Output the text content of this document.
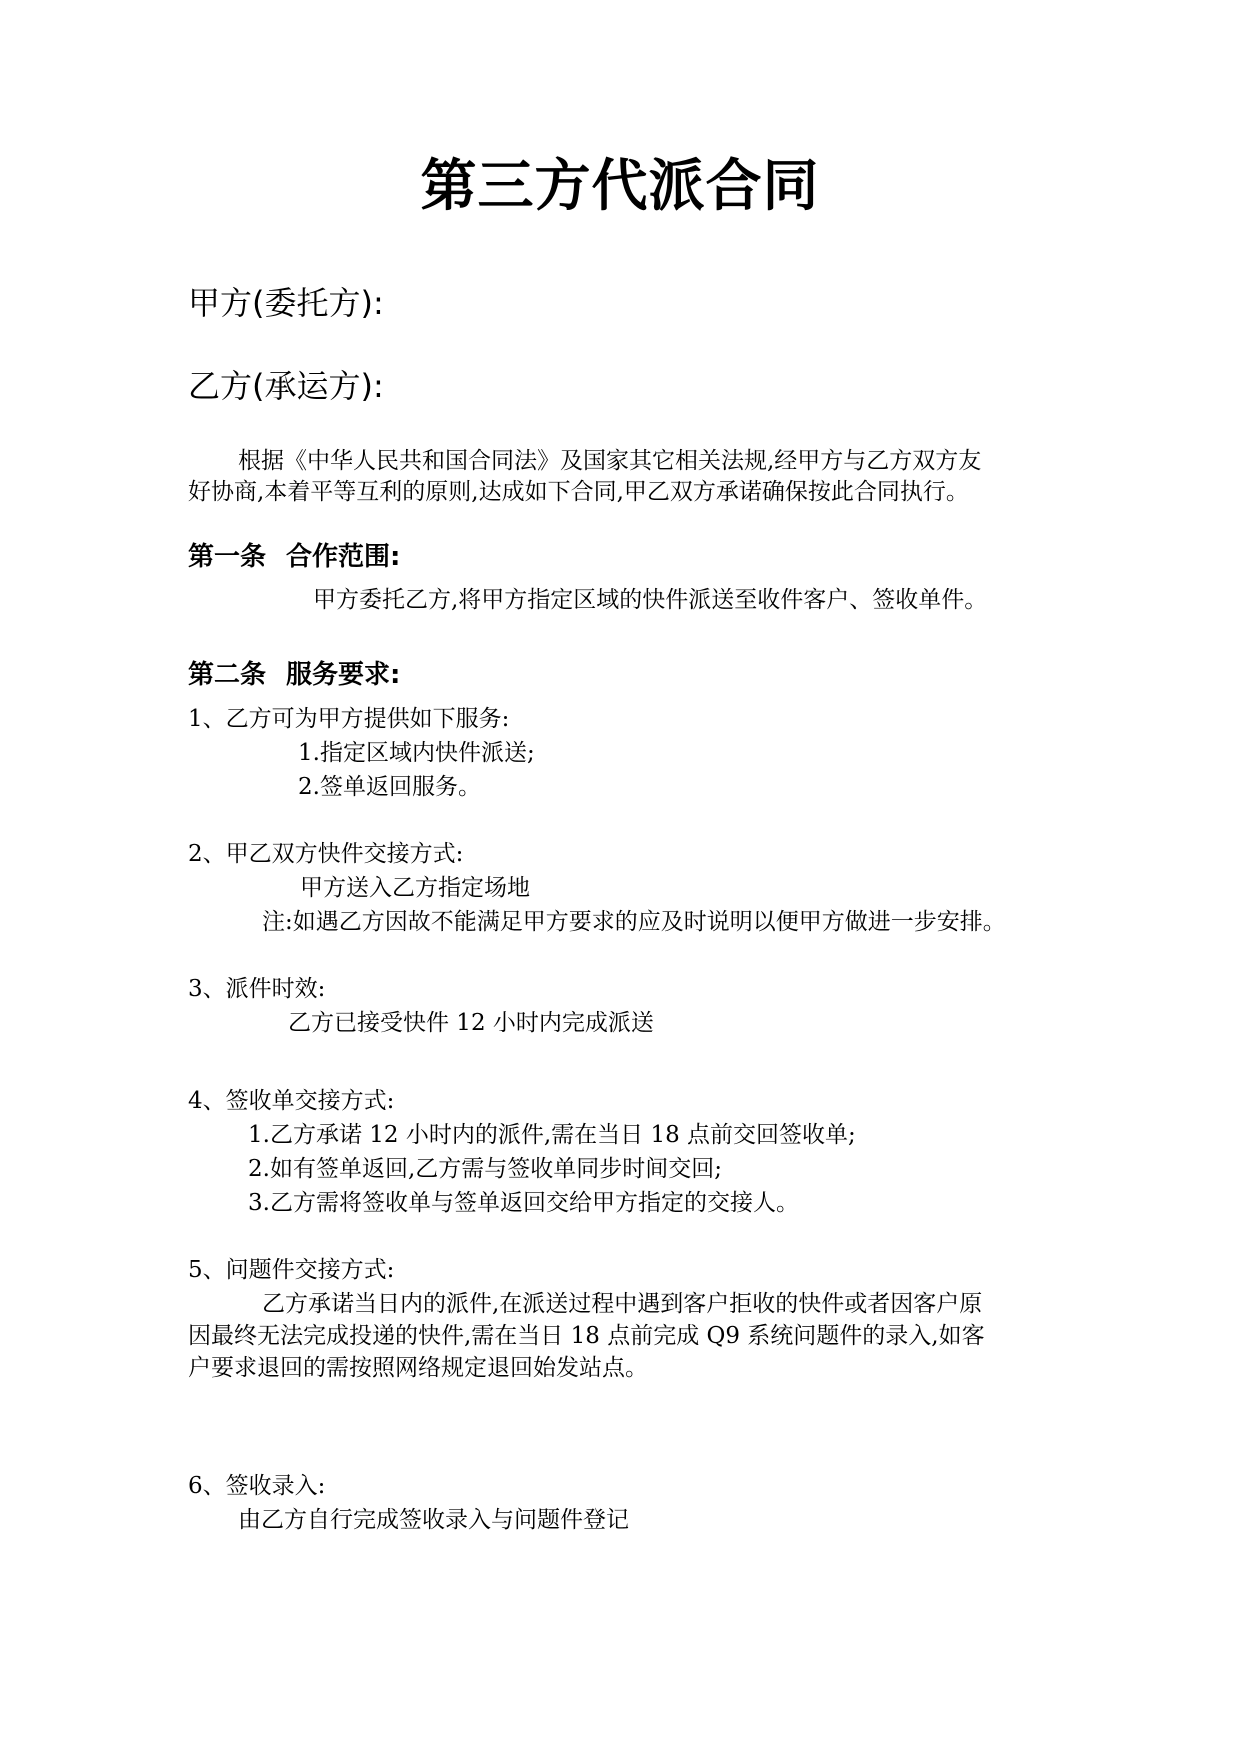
第三方代派合同
甲方(委托方):
乙方(承运方):
根据《中华人民共和国合同法》及国家其它相关法规,经甲方与乙方双方友
好协商,本着平等互利的原则,达成如下合同,甲乙双方承诺确保按此合同执行。
第一条 合作范围:
甲方委托乙方,将甲方指定区域的快件派送至收件客户、签收单件。
第二条 服务要求:
1、乙方可为甲方提供如下服务:
1.指定区域内快件派送;
2.签单返回服务。
2、甲乙双方快件交接方式:
甲方送入乙方指定场地
注:如遇乙方因故不能满足甲方要求的应及时说明以便甲方做进一步安排。
3、派件时效:
乙方已接受快件 12 小时内完成派送
4、签收单交接方式:
1.乙方承诺 12 小时内的派件,需在当日 18 点前交回签收单;
2.如有签单返回,乙方需与签收单同步时间交回;
3.乙方需将签收单与签单返回交给甲方指定的交接人。
5、问题件交接方式:
乙方承诺当日内的派件,在派送过程中遇到客户拒收的快件或者因客户原
因最终无法完成投递的快件,需在当日 18 点前完成 Q9 系统问题件的录入,如客
户要求退回的需按照网络规定退回始发站点。
6、签收录入:
由乙方自行完成签收录入与问题件登记
